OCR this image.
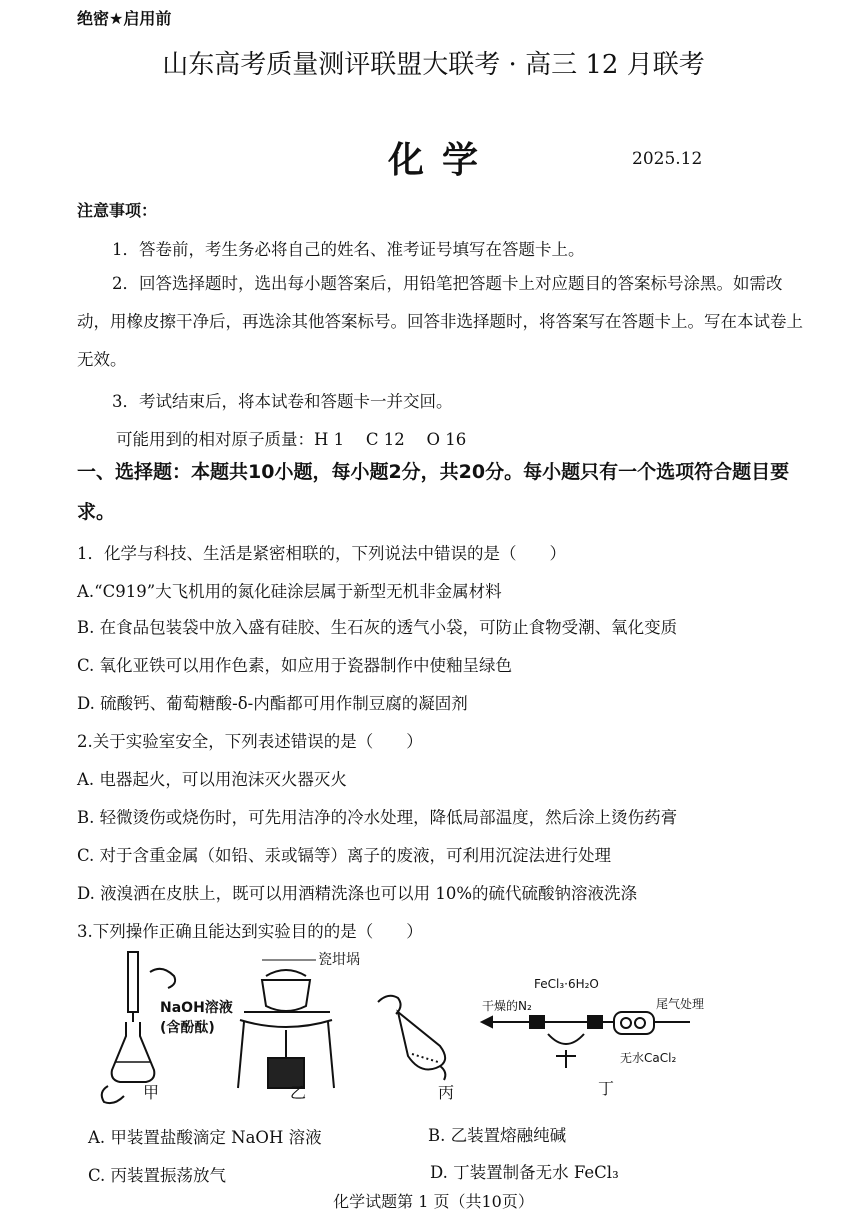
绝密★启用前
山东高考质量测评联盟大联考 · 高三 12 月联考
化学	2025.12
注意事项：
1．答卷前，考生务必将自己的姓名、准考证号填写在答题卡上。
2．回答选择题时，选出每小题答案后，用铅笔把答题卡上对应题目的答案标号涂黑。如需改动，用橡皮擦干净后，再选涂其他答案标号。回答非选择题时，将答案写在答题卡上。写在本试卷上无效。
3．考试结束后，将本试卷和答题卡一并交回。
可能用到的相对原子质量：H 1　 C 12　 O 16
一、选择题：本题共10小题，每小题2分，共20分。每小题只有一个选项符合题目要求。
1．化学与科技、生活是紧密相联的，下列说法中错误的是（　　）
A.“C919”大飞机用的氮化硅涂层属于新型无机非金属材料
B. 在食品包装袋中放入盛有硅胶、生石灰的透气小袋，可防止食物受潮、氧化变质
C. 氧化亚铁可以用作色素，如应用于瓷器制作中使釉呈绿色
D. 硫酸钙、葡萄糖酸-δ-内酯都可用作制豆腐的凝固剂
2.关于实验室安全，下列表述错误的是（　　）
A. 电器起火，可以用泡沫灭火器灭火
B. 轻微烫伤或烧伤时，可先用洁净的冷水处理，降低局部温度，然后涂上烫伤药膏
C. 对于含重金属（如铅、汞或镉等）离子的废液，可利用沉淀法进行处理
D. 液溴洒在皮肤上，既可以用酒精洗涤也可以用 10%的硫代硫酸钠溶液洗涤
3.下列操作正确且能达到实验目的的是（　　）
NaOH溶液
(含酚酞)
瓷坩埚
干燥的N₂
FeCl₃·6H₂O
尾气处理
无水CaCl₂
甲	乙	丙	丁
A. 甲装置盐酸滴定 NaOH 溶液	B. 乙装置熔融纯碱
C. 丙装置振荡放气	D. 丁装置制备无水 FeCl₃
化学试题第 1 页（共10页）
